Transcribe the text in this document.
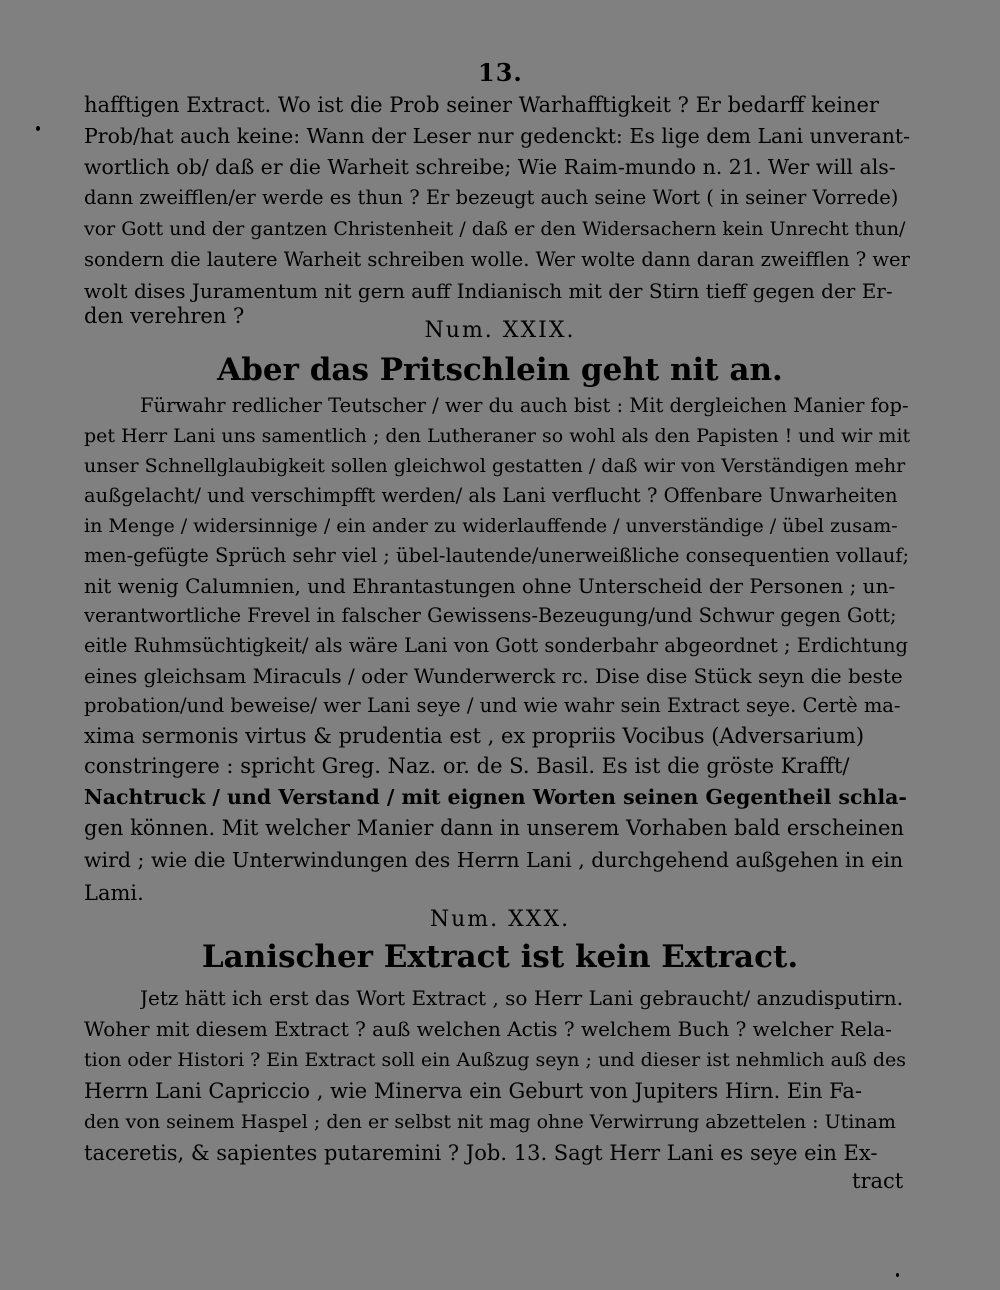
13.
hafftigen Extract. Wo ist die Prob seiner Warhafftigkeit ? Er bedarff keiner
Prob/hat auch keine: Wann der Leser nur gedenckt: Es lige dem Lani unverant-
wortlich ob/ daß er die Warheit schreibe; Wie Raim-mundo n. 21. Wer will als-
dann zweifflen/er werde es thun ? Er bezeugt auch seine Wort ( in seiner Vorrede)
vor Gott und der gantzen Christenheit / daß er den Widersachern kein Unrecht thun/
sondern die lautere Warheit schreiben wolle. Wer wolte dann daran zweifflen ? wer
wolt dises Juramentum nit gern auff Indianisch mit der Stirn tieff gegen der Er-
den verehren ?
Num. XXIX.
Aber das Pritschlein geht nit an.
Fürwahr redlicher Teutscher / wer du auch bist : Mit dergleichen Manier fop-
pet Herr Lani uns samentlich ; den Lutheraner so wohl als den Papisten ! und wir mit
unser Schnellglaubigkeit sollen gleichwol gestatten / daß wir von Verständigen mehr
außgelacht/ und verschimpfft werden/ als Lani verflucht ? Offenbare Unwarheiten
in Menge / widersinnige / ein ander zu widerlauffende / unverständige / übel zusam-
men-gefügte Sprüch sehr viel ; übel-lautende/unerweißliche consequentien vollauf;
nit wenig Calumnien, und Ehrantastungen ohne Unterscheid der Personen ; un-
verantwortliche Frevel in falscher Gewissens-Bezeugung/und Schwur gegen Gott;
eitle Ruhmsüchtigkeit/ als wäre Lani von Gott sonderbahr abgeordnet ; Erdichtung
eines gleichsam Miraculs / oder Wunderwerck rc. Dise dise Stück seyn die beste
probation/und beweise/ wer Lani seye / und wie wahr sein Extract seye. Certè ma-
xima sermonis virtus & prudentia est , ex propriis Vocibus (Adversarium)
constringere : spricht Greg. Naz. or. de S. Basil. Es ist die gröste Krafft/
Nachtruck / und Verstand / mit eignen Worten seinen Gegentheil schla-
gen können. Mit welcher Manier dann in unserem Vorhaben bald erscheinen
wird ; wie die Unterwindungen des Herrn Lani , durchgehend außgehen in ein
Lami.
Num. XXX.
Lanischer Extract ist kein Extract.
Jetz hätt ich erst das Wort Extract , so Herr Lani gebraucht/ anzudisputirn.
Woher mit diesem Extract ? auß welchen Actis ? welchem Buch ? welcher Rela-
tion oder Histori ? Ein Extract soll ein Außzug seyn ; und dieser ist nehmlich auß des
Herrn Lani Capriccio , wie Minerva ein Geburt von Jupiters Hirn. Ein Fa-
den von seinem Haspel ; den er selbst nit mag ohne Verwirrung abzettelen : Utinam
taceretis, & sapientes putaremini ? Job. 13. Sagt Herr Lani es seye ein Ex-
tract
